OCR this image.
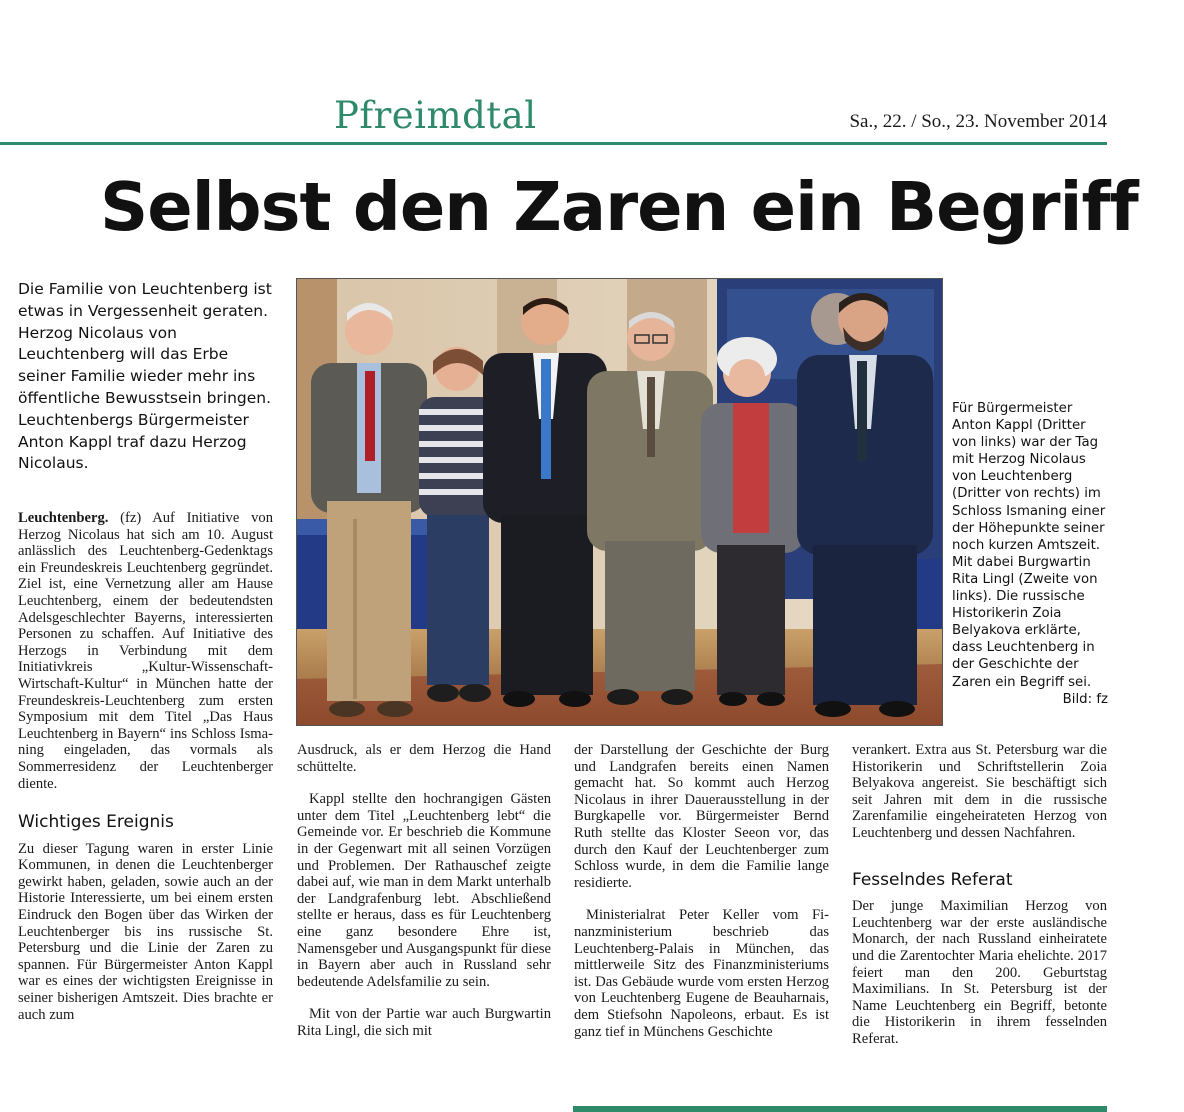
Pfreimdtal	Sa., 22. / So., 23. November 2014
Selbst den Zaren ein Begriff
Die Familie von Leuchtenberg ist etwas in Vergessenheit geraten. Herzog Nicolaus von Leuchtenberg will das Erbe seiner Familie wieder mehr ins öffentliche Bewusstsein bringen. Leuchtenbergs Bürgermeister Anton Kappl traf dazu Herzog Nicolaus.

Leuchtenberg. (fz) Auf Initiative von Herzog Nicolaus hat sich am 10. August anlässlich des Leuchtenberg-Gedenktags ein Freundeskreis Leuchtenberg gegründet. Ziel ist, eine Vernetzung aller am Hause Leuchtenberg, einem der bedeutendsten Adelsgeschlechter Bayerns, interessierten Personen zu schaffen. Auf Initiative des Herzogs in Verbindung mit dem Initiativkreis „Kultur-Wissenschaft-Wirtschaft-Kultur“ in München hatte der Freundeskreis-Leuchtenberg zum ersten Symposium mit dem Titel „Das Haus Leuchtenberg in Bayern“ ins Schloss Ismaning eingeladen, das vormals als Sommerresidenz der Leuchtenberger diente.

Wichtiges Ereignis

Zu dieser Tagung waren in erster Linie Kommunen, in denen die Leuchtenberger gewirkt haben, geladen, sowie auch an der Historie Interessierte, um bei einem ersten Eindruck den Bogen über das Wirken der Leuchtenberger bis ins russische St. Petersburg und die Linie der Zaren zu spannen. Für Bürgermeister Anton Kappl war es eines der wichtigsten Ereignisse in seiner bisherigen Amtszeit. Dies brachte er auch zum

Für Bürgermeister Anton Kappl (Dritter von links) war der Tag mit Herzog Nicolaus von Leuchtenberg (Dritter von rechts) im Schloss Ismaning einer der Höhepunkte seiner noch kurzen Amtszeit. Mit dabei Burgwartin Rita Lingl (Zweite von links). Die russische Historikerin Zoia Belyakova erklärte, dass Leuchtenberg in der Geschichte der Zaren ein Begriff sei.

Bild: fz

Ausdruck, als er dem Herzog die Hand schüttelte.

Kappl stellte den hochrangigen Gästen unter dem Titel „Leuchtenberg lebt“ die Gemeinde vor. Er beschrieb die Kommune in der Gegenwart mit all seinen Vorzügen und Problemen. Der Rathauschef zeigte dabei auf, wie man in dem Markt unterhalb der Landgrafenburg lebt. Abschließend stellte er heraus, dass es für Leuchtenberg eine ganz besondere Ehre ist, Namensgeber und Ausgangspunkt für diese in Bayern aber auch in Russland sehr bedeutende Adelsfamilie zu sein.

Mit von der Partie war auch Burgwartin Rita Lingl, die sich mit

der Darstellung der Geschichte der Burg und Landgrafen bereits einen Namen gemacht hat. So kommt auch Herzog Nicolaus in ihrer Dauerausstellung in der Burgkapelle vor. Bürgermeister Bernd Ruth stellte das Kloster Seeon vor, das durch den Kauf der Leuchtenberger zum Schloss wurde, in dem die Familie lange residierte.

Ministerialrat Peter Keller vom Finanzministerium beschrieb das Leuchtenberg-Palais in München, das mittlerweile Sitz des Finanzministeriums ist. Das Gebäude wurde vom ersten Herzog von Leuchtenberg Eugene de Beauharnais, dem Stiefsohn Napoleons, erbaut. Es ist ganz tief in Münchens Geschichte

verankert. Extra aus St. Petersburg war die Historikerin und Schriftstellerin Zoia Belyakova angereist. Sie beschäftigt sich seit Jahren mit dem in die russische Zarenfamilie eingeheirateten Herzog von Leuchtenberg und dessen Nachfahren.

Fesselndes Referat

Der junge Maximilian Herzog von Leuchtenberg war der erste ausländische Monarch, der nach Russland einheiratete und die Zarentochter Maria ehelichte. 2017 feiert man den 200. Geburtstag Maximilians. In St. Petersburg ist der Name Leuchtenberg ein Begriff, betonte die Historikerin in ihrem fesselnden Referat.
